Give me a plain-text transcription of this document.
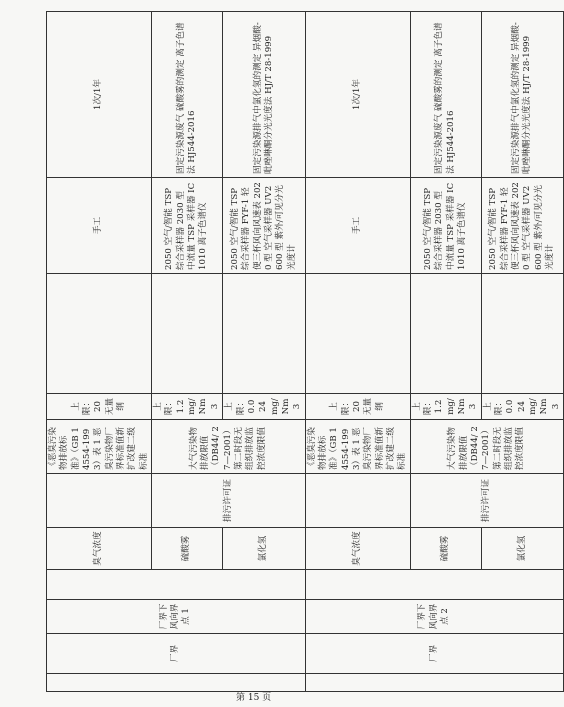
	厂界	厂界下风向界点 1		臭气浓度		《恶臭污染物排放标准》（GB 14554-1993）表 1 恶臭污染物厂界标准值新扩改建二级标准	上限：20 无量纲		手工	1次/1年
				硫酸雾	排污许可证	大气污染物排放限值（DB44/ 27—2001）第二时段无组织排放监控浓度限值	上限：1.2mg/Nm3		2050 空气/智能 TSP 综合采样器 2030 型 中流量 TSP 采样器 IC1010 离子色谱仪	固定污染源废气 硫酸雾的测定 离子色谱法 HJ544-2016
				氯化氢			上限：0.024mg/Nm3		2050 空气/智能 TSP 综合采样器 FYF-1 轻便三杯风向风速表 2020 型 空气采样器 UV2600 型 紫外/可见分光光度计	固定污染源排气中氯化氢的测定 异烟酸-吡唑啉酮分光光度法 HJ/T 28-1999
	厂界	厂界下风向界点 2		臭气浓度		《恶臭污染物排放标准》（GB 14554-1993）表 1 恶臭污染物厂界标准值新扩改建二级标准	上限：20 无量纲		手工	1次/1年
				硫酸雾	排污许可证	大气污染物排放限值（DB44/ 27—2001）第二时段无组织排放监控浓度限值	上限：1.2mg/Nm3		2050 空气/智能 TSP 综合采样器 2030 型 中流量 TSP 采样器 IC1010 离子色谱仪	固定污染源废气 硫酸雾的测定 离子色谱法 HJ544-2016
				氯化氢			上限：0.024mg/Nm3		2050 空气/智能 TSP 综合采样器 FYF-1 轻便三杯风向风速表 2020 型 空气采样器 UV2600 型 紫外/可见分光光度计	固定污染源排气中氯化氢的测定 异烟酸-吡唑啉酮分光光度法 HJ/T 28-1999
第 15 页
